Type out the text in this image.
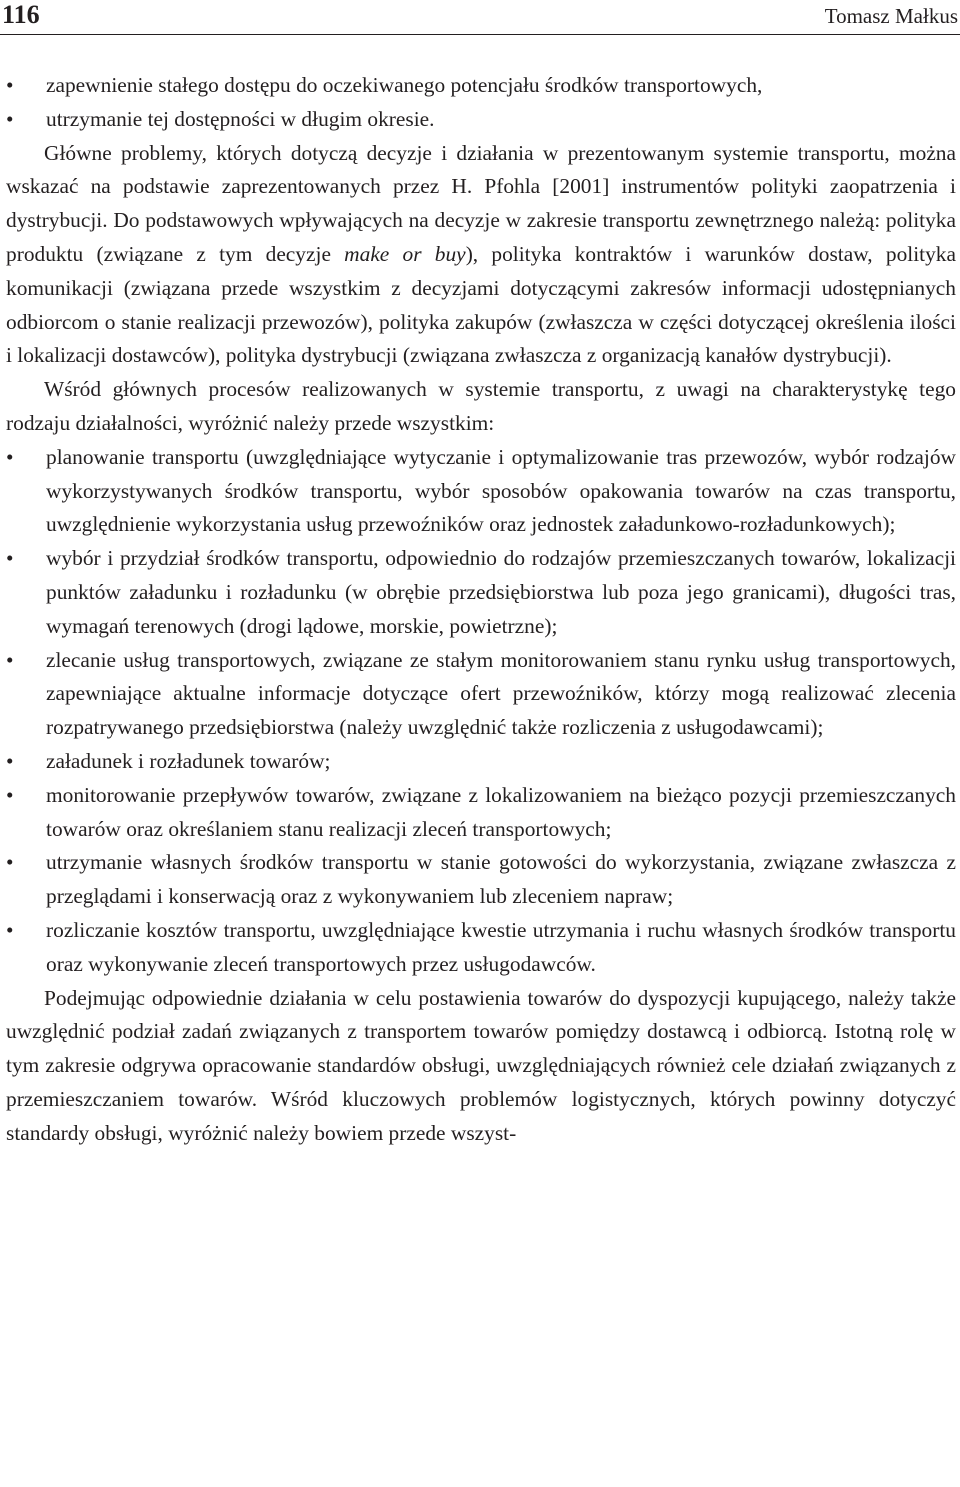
116	Tomasz Małkus
•	zapewnienie stałego dostępu do oczekiwanego potencjału środków transportowych,
•	utrzymanie tej dostępności w długim okresie.

Główne problemy, których dotyczą decyzje i działania w prezentowanym systemie transportu, można wskazać na podstawie zaprezentowanych przez H. Pfohla [2001] instrumentów polityki zaopatrzenia i dystrybucji. Do podstawowych wpływających na decyzje w zakresie transportu zewnętrznego należą: polityka produktu (związane z tym decyzje make or buy), polityka kontraktów i warunków dostaw, polityka komunikacji (związana przede wszystkim z decyzjami dotyczącymi zakresów informacji udostępnianych odbiorcom o stanie realizacji przewozów), polityka zakupów (zwłaszcza w części dotyczącej określenia ilości i lokalizacji dostawców), polityka dystrybucji (związana zwłaszcza z organizacją kanałów dystrybucji).

Wśród głównych procesów realizowanych w systemie transportu, z uwagi na charakterystykę tego rodzaju działalności, wyróżnić należy przede wszystkim:

•	planowanie transportu (uwzględniające wytyczanie i optymalizowanie tras przewozów, wybór rodzajów wykorzystywanych środków transportu, wybór sposobów opakowania towarów na czas transportu, uwzględnienie wykorzystania usług przewoźników oraz jednostek załadunkowo-rozładunkowych);
•	wybór i przydział środków transportu, odpowiednio do rodzajów przemieszczanych towarów, lokalizacji punktów załadunku i rozładunku (w obrębie przedsiębiorstwa lub poza jego granicami), długości tras, wymagań terenowych (drogi lądowe, morskie, powietrzne);
•	zlecanie usług transportowych, związane ze stałym monitorowaniem stanu rynku usług transportowych, zapewniające aktualne informacje dotyczące ofert przewoźników, którzy mogą realizować zlecenia rozpatrywanego przedsiębiorstwa (należy uwzględnić także rozliczenia z usługodawcami);
•	załadunek i rozładunek towarów;
•	monitorowanie przepływów towarów, związane z lokalizowaniem na bieżąco pozycji przemieszczanych towarów oraz określaniem stanu realizacji zleceń transportowych;
•	utrzymanie własnych środków transportu w stanie gotowości do wykorzystania, związane zwłaszcza z przeglądami i konserwacją oraz z wykonywaniem lub zleceniem napraw;
•	rozliczanie kosztów transportu, uwzględniające kwestie utrzymania i ruchu własnych środków transportu oraz wykonywanie zleceń transportowych przez usługodawców.

Podejmując odpowiednie działania w celu postawienia towarów do dyspozycji kupującego, należy także uwzględnić podział zadań związanych z transportem towarów pomiędzy dostawcą i odbiorcą. Istotną rolę w tym zakresie odgrywa opracowanie standardów obsługi, uwzględniających również cele działań związanych z przemieszczaniem towarów. Wśród kluczowych problemów logistycznych, których powinny dotyczyć standardy obsługi, wyróżnić należy bowiem przede wszyst-
